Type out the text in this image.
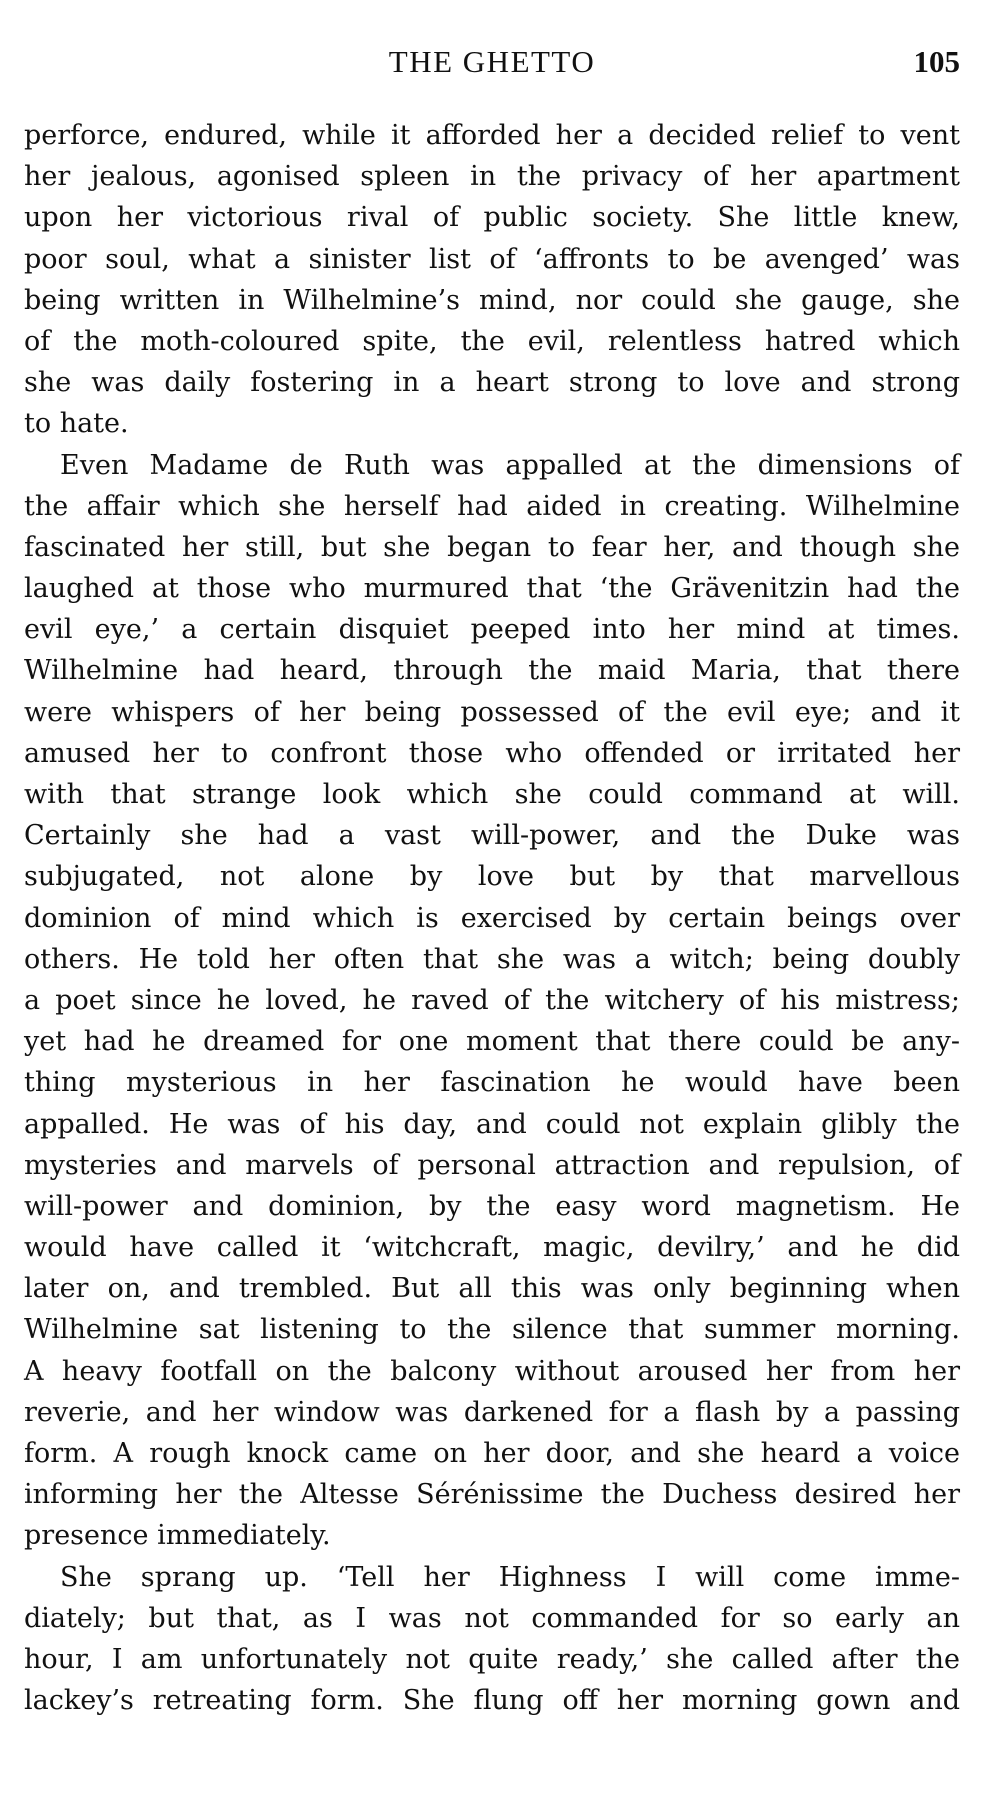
THE GHETTO	105
perforce, endured, while it afforded her a decided relief to vent
her jealous, agonised spleen in the privacy of her apartment
upon her victorious rival of public society. She little knew,
poor soul, what a sinister list of ‘affronts to be avenged’ was
being written in Wilhelmine’s mind, nor could she gauge, she
of the moth-coloured spite, the evil, relentless hatred which
she was daily fostering in a heart strong to love and strong
to hate.
Even Madame de Ruth was appalled at the dimensions of
the affair which she herself had aided in creating. Wilhelmine
fascinated her still, but she began to fear her, and though she
laughed at those who murmured that ‘the Grävenitzin had the
evil eye,’ a certain disquiet peeped into her mind at times.
Wilhelmine had heard, through the maid Maria, that there
were whispers of her being possessed of the evil eye; and it
amused her to confront those who offended or irritated her
with that strange look which she could command at will.
Certainly she had a vast will-power, and the Duke was
subjugated, not alone by love but by that marvellous
dominion of mind which is exercised by certain beings over
others. He told her often that she was a witch; being doubly
a poet since he loved, he raved of the witchery of his mistress;
yet had he dreamed for one moment that there could be any-
thing mysterious in her fascination he would have been
appalled. He was of his day, and could not explain glibly the
mysteries and marvels of personal attraction and repulsion, of
will-power and dominion, by the easy word magnetism. He
would have called it ‘witchcraft, magic, devilry,’ and he did
later on, and trembled. But all this was only beginning when
Wilhelmine sat listening to the silence that summer morning.
A heavy footfall on the balcony without aroused her from her
reverie, and her window was darkened for a flash by a passing
form. A rough knock came on her door, and she heard a voice
informing her the Altesse Sérénissime the Duchess desired her
presence immediately.
She sprang up. ‘Tell her Highness I will come imme-
diately; but that, as I was not commanded for so early an
hour, I am unfortunately not quite ready,’ she called after the
lackey’s retreating form. She flung off her morning gown and
